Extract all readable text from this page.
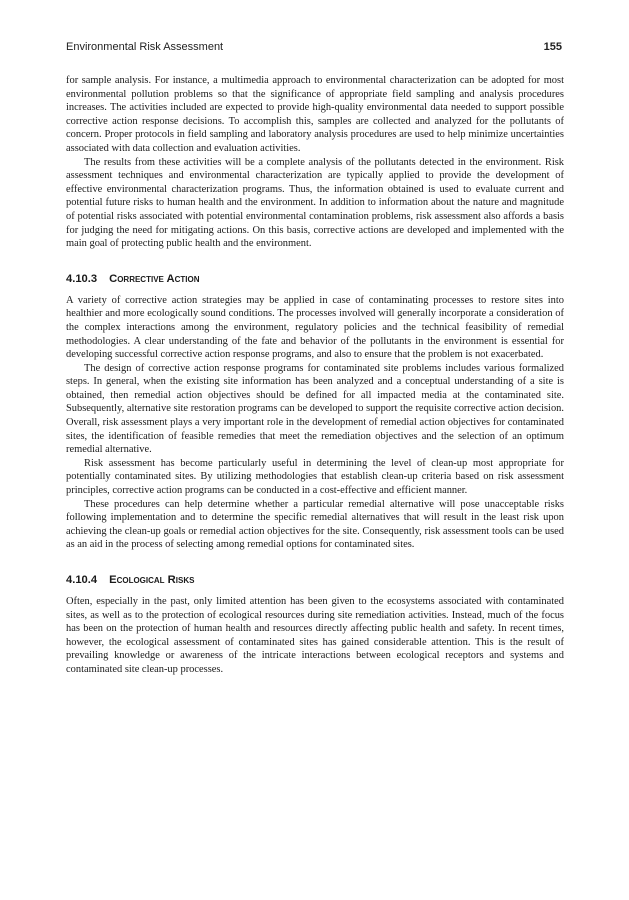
Environmental Risk Assessment	155

for sample analysis. For instance, a multimedia approach to environmental characterization can be adopted for most environmental pollution problems so that the significance of appropriate field sampling and analysis procedures increases. The activities included are expected to provide high-quality environmental data needed to support possible corrective action response decisions. To accomplish this, samples are collected and analyzed for the pollutants of concern. Proper protocols in field sampling and laboratory analysis procedures are used to help minimize uncertainties associated with data collection and evaluation activities.

The results from these activities will be a complete analysis of the pollutants detected in the environment. Risk assessment techniques and environmental characterization are typically applied to provide the development of effective environmental characterization programs. Thus, the information obtained is used to evaluate current and potential future risks to human health and the environment. In addition to information about the nature and magnitude of potential risks associated with potential environmental contamination problems, risk assessment also affords a basis for judging the need for mitigating actions. On this basis, corrective actions are developed and implemented with the main goal of protecting public health and the environment.

4.10.3 Corrective Action

A variety of corrective action strategies may be applied in case of contaminating processes to restore sites into healthier and more ecologically sound conditions. The processes involved will generally incorporate a consideration of the complex interactions among the environment, regulatory policies and the technical feasibility of remedial methodologies. A clear understanding of the fate and behavior of the pollutants in the environment is essential for developing successful corrective action response programs, and also to ensure that the problem is not exacerbated.

The design of corrective action response programs for contaminated site problems includes various formalized steps. In general, when the existing site information has been analyzed and a conceptual understanding of a site is obtained, then remedial action objectives should be defined for all impacted media at the contaminated site. Subsequently, alternative site restoration programs can be developed to support the requisite corrective action decision. Overall, risk assessment plays a very important role in the development of remedial action objectives for contaminated sites, the identification of feasible remedies that meet the remediation objectives and the selection of an optimum remedial alternative.

Risk assessment has become particularly useful in determining the level of clean-up most appropriate for potentially contaminated sites. By utilizing methodologies that establish clean-up criteria based on risk assessment principles, corrective action programs can be conducted in a cost-effective and efficient manner.

These procedures can help determine whether a particular remedial alternative will pose unacceptable risks following implementation and to determine the specific remedial alternatives that will result in the least risk upon achieving the clean-up goals or remedial action objectives for the site. Consequently, risk assessment tools can be used as an aid in the process of selecting among remedial options for contaminated sites.

4.10.4 Ecological Risks

Often, especially in the past, only limited attention has been given to the ecosystems associated with contaminated sites, as well as to the protection of ecological resources during site remediation activities. Instead, much of the focus has been on the protection of human health and resources directly affecting public health and safety. In recent times, however, the ecological assessment of contaminated sites has gained considerable attention. This is the result of prevailing knowledge or awareness of the intricate interactions between ecological receptors and systems and contaminated site clean-up processes.
